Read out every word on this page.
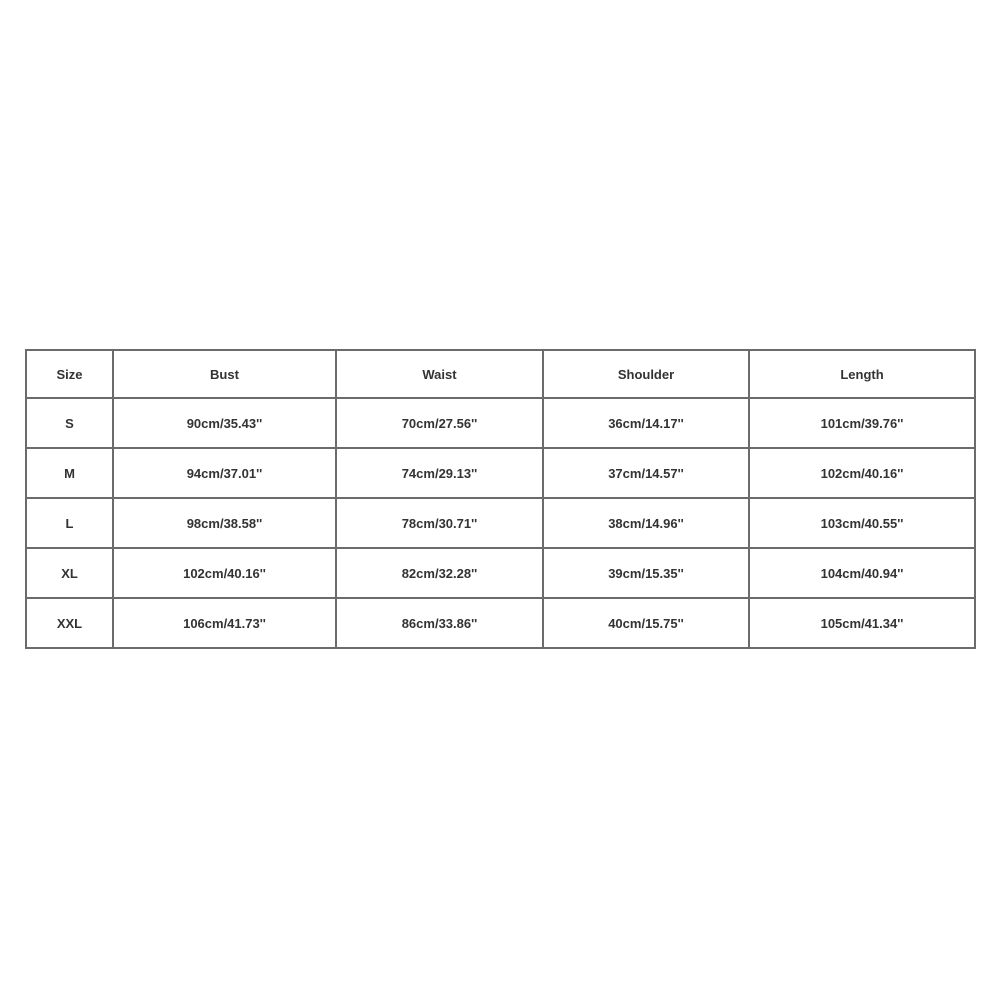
Size	Bust	Waist	Shoulder	Length
S	90cm/35.43''	70cm/27.56''	36cm/14.17''	101cm/39.76''
M	94cm/37.01''	74cm/29.13''	37cm/14.57''	102cm/40.16''
L	98cm/38.58''	78cm/30.71''	38cm/14.96''	103cm/40.55''
XL	102cm/40.16''	82cm/32.28''	39cm/15.35''	104cm/40.94''
XXL	106cm/41.73''	86cm/33.86''	40cm/15.75''	105cm/41.34''
